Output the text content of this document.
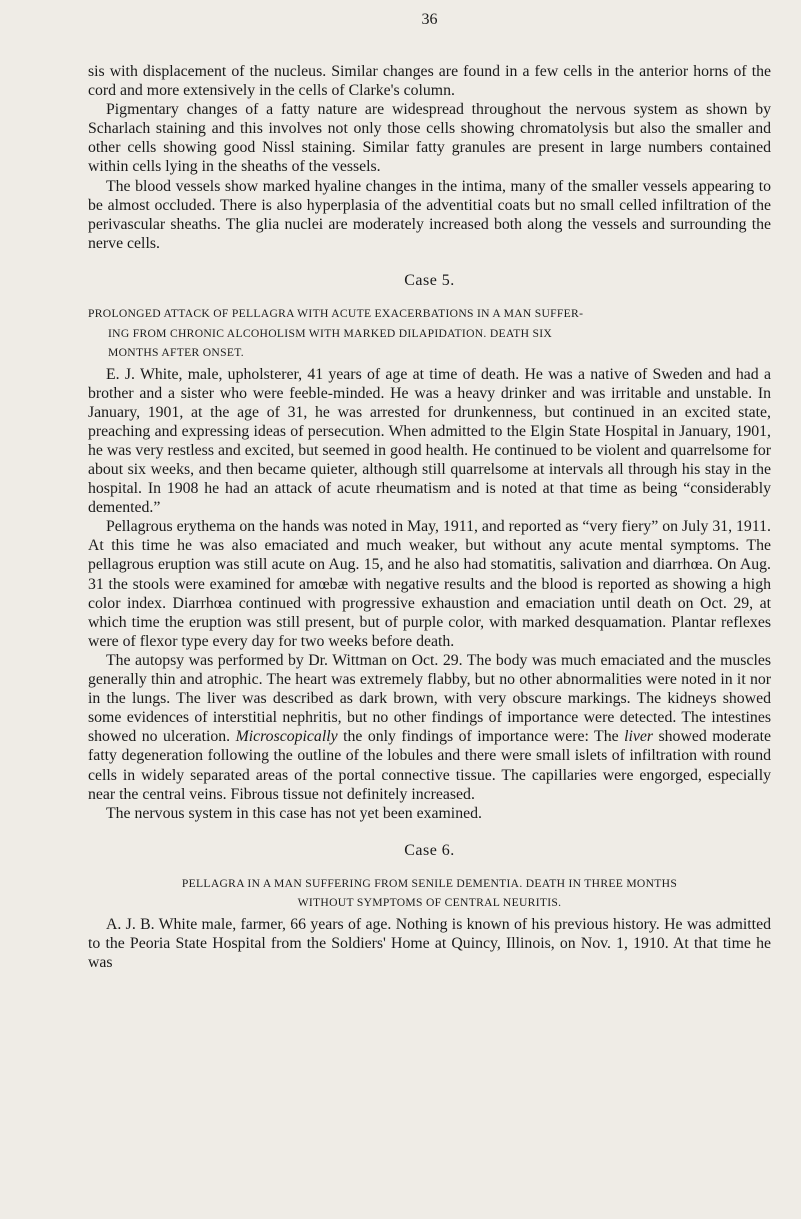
36

sis with displacement of the nucleus. Similar changes are found in a few cells in the anterior horns of the cord and more extensively in the cells of Clarke's column.

Pigmentary changes of a fatty nature are widespread throughout the nervous system as shown by Scharlach staining and this involves not only those cells showing chromatolysis but also the smaller and other cells showing good Nissl staining. Similar fatty granules are present in large numbers contained within cells lying in the sheaths of the vessels.

The blood vessels show marked hyaline changes in the intima, many of the smaller vessels appearing to be almost occluded. There is also hyperplasia of the adventitial coats but no small celled infiltration of the perivascular sheaths. The glia nuclei are moderately increased both along the vessels and surrounding the nerve cells.

Case 5.
PROLONGED ATTACK OF PELLAGRA WITH ACUTE EXACERBATIONS IN A MAN SUFFER-
ING FROM CHRONIC ALCOHOLISM WITH MARKED DILAPIDATION. DEATH SIX
MONTHS AFTER ONSET.

E. J. White, male, upholsterer, 41 years of age at time of death. He was a native of Sweden and had a brother and a sister who were feeble-minded. He was a heavy drinker and was irritable and unstable. In January, 1901, at the age of 31, he was arrested for drunkenness, but continued in an excited state, preaching and expressing ideas of persecution. When admitted to the Elgin State Hospital in January, 1901, he was very restless and excited, but seemed in good health. He continued to be violent and quarrelsome for about six weeks, and then became quieter, although still quarrelsome at intervals all through his stay in the hospital. In 1908 he had an attack of acute rheumatism and is noted at that time as being “considerably demented.”

Pellagrous erythema on the hands was noted in May, 1911, and reported as “very fiery” on July 31, 1911. At this time he was also emaciated and much weaker, but without any acute mental symptoms. The pellagrous eruption was still acute on Aug. 15, and he also had stomatitis, salivation and diarrhœa. On Aug. 31 the stools were examined for amœbæ with negative results and the blood is reported as showing a high color index. Diarrhœa continued with progressive exhaustion and emaciation until death on Oct. 29, at which time the eruption was still present, but of purple color, with marked desquamation. Plantar reflexes were of flexor type every day for two weeks before death.

The autopsy was performed by Dr. Wittman on Oct. 29. The body was much emaciated and the muscles generally thin and atrophic. The heart was extremely flabby, but no other abnormalities were noted in it nor in the lungs. The liver was described as dark brown, with very obscure markings. The kidneys showed some evidences of interstitial nephritis, but no other findings of importance were detected. The intestines showed no ulceration. Microscopically the only findings of importance were: The liver showed moderate fatty degeneration following the outline of the lobules and there were small islets of infiltration with round cells in widely separated areas of the portal connective tissue. The capillaries were engorged, especially near the central veins. Fibrous tissue not definitely increased.

The nervous system in this case has not yet been examined.

Case 6.
PELLAGRA IN A MAN SUFFERING FROM SENILE DEMENTIA. DEATH IN THREE MONTHS
WITHOUT SYMPTOMS OF CENTRAL NEURITIS.

A. J. B. White male, farmer, 66 years of age. Nothing is known of his previous history. He was admitted to the Peoria State Hospital from the Soldiers' Home at Quincy, Illinois, on Nov. 1, 1910. At that time he was
